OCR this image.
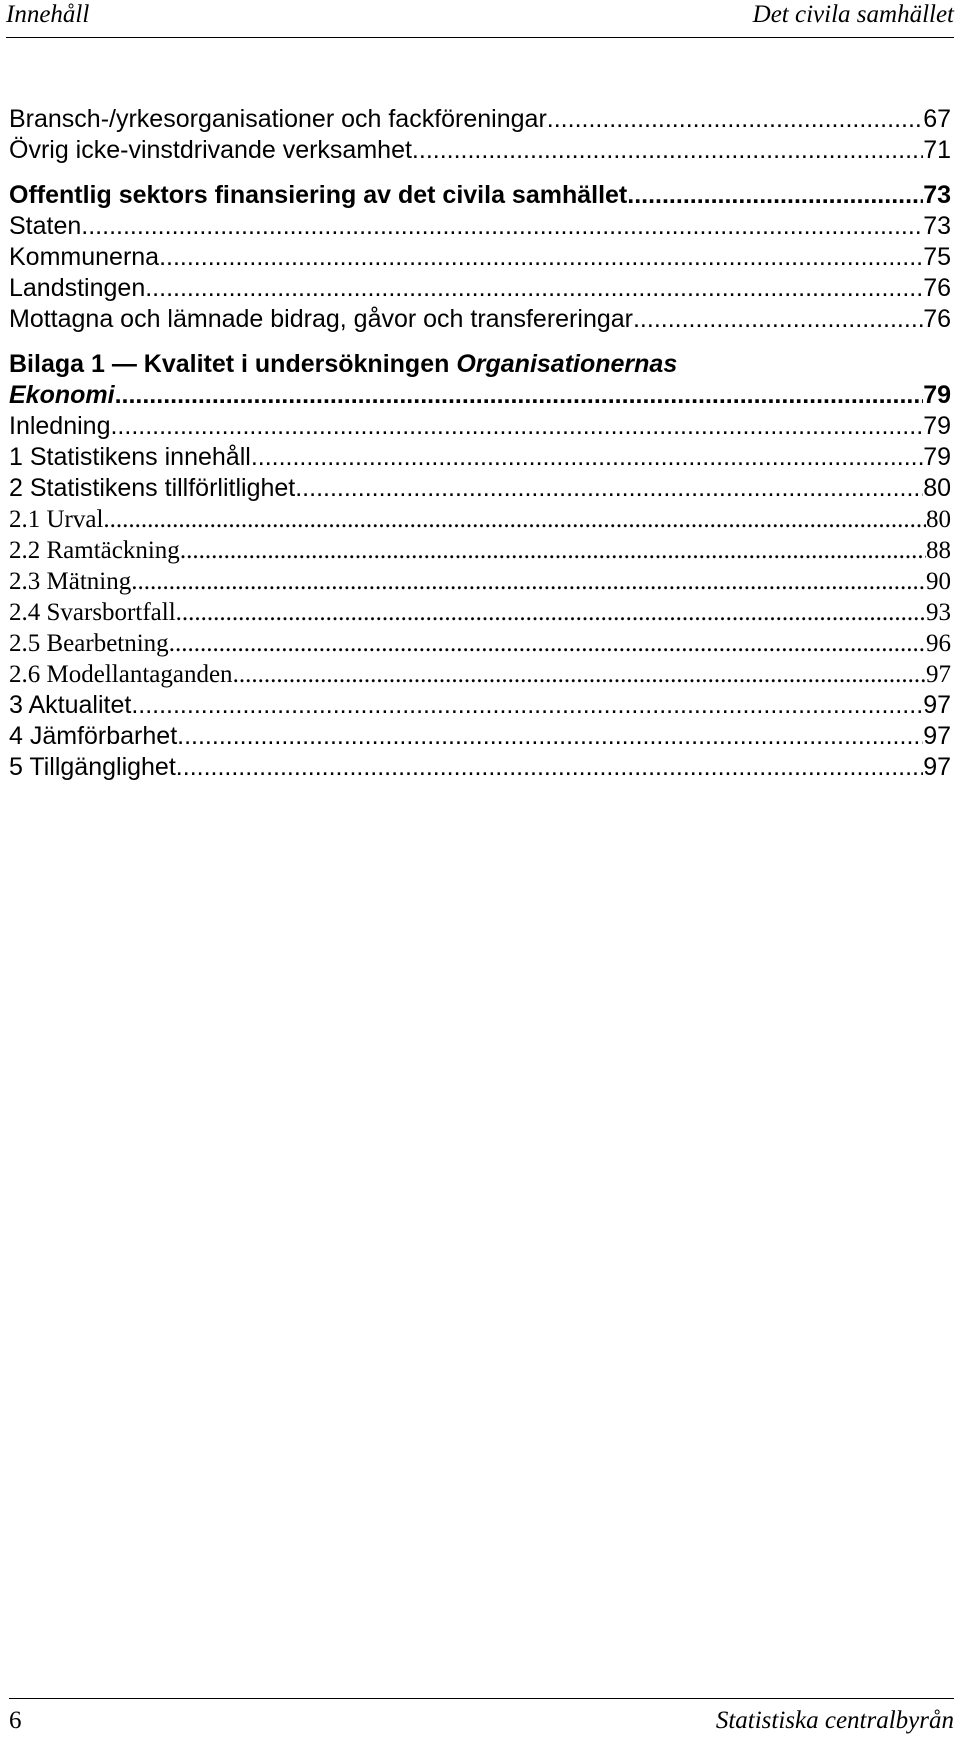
Innehåll	Det civila samhället
Bransch-/yrkesorganisationer och fackföreningar .....	67
Övrig icke-vinstdrivande verksamhet .....	71
Offentlig sektors finansiering av det civila samhället .....	73
Staten .....	73
Kommunerna .....	75
Landstingen .....	76
Mottagna och lämnade bidrag, gåvor och transfereringar .....	76
Bilaga 1 — Kvalitet i undersökningen Organisationernas
Ekonomi .....	79
Inledning .....	79
1 Statistikens innehåll .....	79
2 Statistikens tillförlitlighet .....	80
2.1 Urval .....	80
2.2 Ramtäckning .....	88
2.3 Mätning .....	90
2.4 Svarsbortfall .....	93
2.5 Bearbetning .....	96
2.6 Modellantaganden .....	97
3 Aktualitet .....	97
4 Jämförbarhet .....	97
5 Tillgänglighet .....	97
6	Statistiska centralbyrån
